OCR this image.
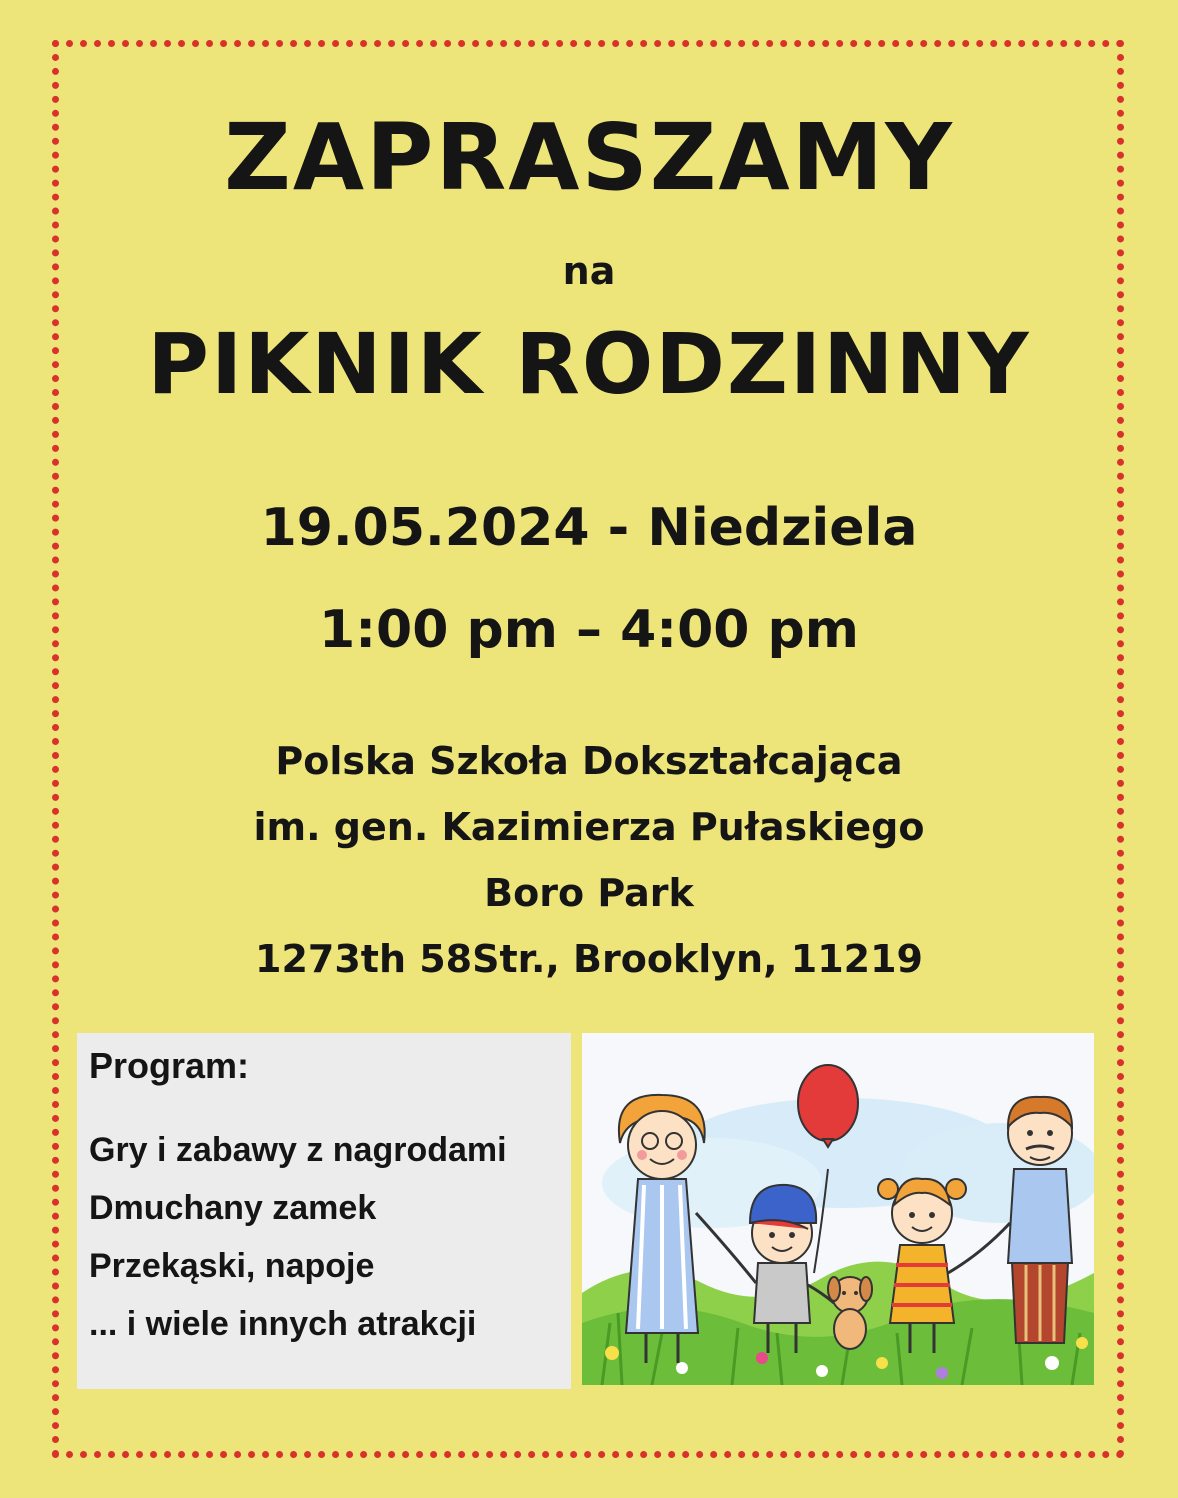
ZAPRASZAMY
na
PIKNIK RODZINNY
19.05.2024 - Niedziela
1:00 pm – 4:00 pm
Polska Szkoła Dokształcająca
im. gen. Kazimierza Pułaskiego
Boro Park
1273th 58Str., Brooklyn, 11219
Program:
Gry i zabawy z nagrodami
Dmuchany zamek
Przekąski, napoje
... i wiele innych atrakcji
